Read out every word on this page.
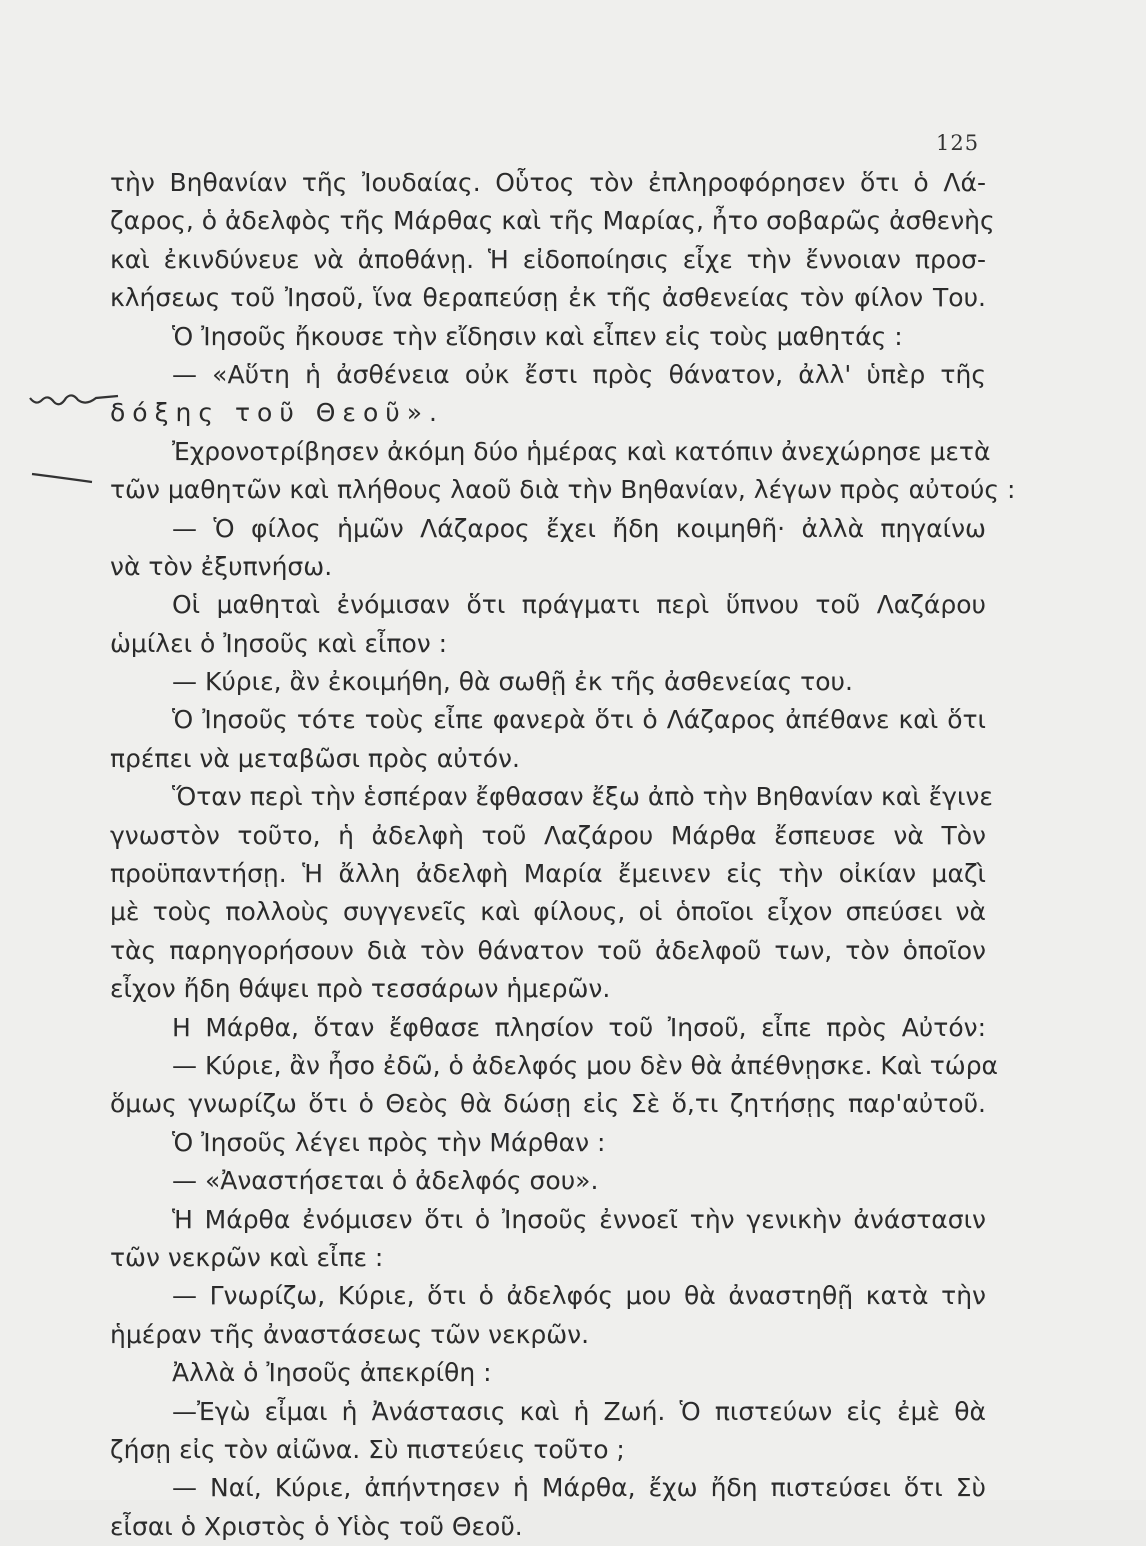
125
τὴν Βηθανίαν τῆς Ἰουδαίας. Οὗτος τὸν ἐπληροφόρησεν ὅτι ὁ Λά-
ζαρος, ὁ ἀδελφὸς τῆς Μάρθας καὶ τῆς Μαρίας, ἦτο σοβαρῶς ἀσθενὴς
καὶ ἐκινδύνευε νὰ ἀποθάνῃ. Ἡ εἰδοποίησις εἶχε τὴν ἔννοιαν προσ-
κλήσεως τοῦ Ἰησοῦ, ἵνα θεραπεύσῃ ἐκ τῆς ἀσθενείας τὸν φίλον Του.
Ὁ Ἰησοῦς ἤκουσε τὴν εἴδησιν καὶ εἶπεν εἰς τοὺς μαθητάς :
— «Αὕτη ἡ ἀσθένεια οὐκ ἔστι πρὸς θάνατον, ἀλλ' ὑπὲρ τῆς
δόξης τοῦ Θεοῦ».
Ἐχρονοτρίβησεν ἀκόμη δύο ἡμέρας καὶ κατόπιν ἀνεχώρησε μετὰ
τῶν μαθητῶν καὶ πλήθους λαοῦ διὰ τὴν Βηθανίαν, λέγων πρὸς αὐτούς :
— Ὁ φίλος ἡμῶν Λάζαρος ἔχει ἤδη κοιμηθῆ· ἀλλὰ πηγαίνω
νὰ τὸν ἐξυπνήσω.
Οἱ μαθηταὶ ἐνόμισαν ὅτι πράγματι περὶ ὕπνου τοῦ Λαζάρου
ὡμίλει ὁ Ἰησοῦς καὶ εἶπον :
— Κύριε, ἂν ἐκοιμήθη, θὰ σωθῇ ἐκ τῆς ἀσθενείας του.
Ὁ Ἰησοῦς τότε τοὺς εἶπε φανερὰ ὅτι ὁ Λάζαρος ἀπέθανε καὶ ὅτι
πρέπει νὰ μεταβῶσι πρὸς αὐτόν.
Ὅταν περὶ τὴν ἑσπέραν ἔφθασαν ἔξω ἀπὸ τὴν Βηθανίαν καὶ ἔγινε
γνωστὸν τοῦτο, ἡ ἀδελφὴ τοῦ Λαζάρου Μάρθα ἔσπευσε νὰ Τὸν
προϋπαντήσῃ. Ἡ ἄλλη ἀδελφὴ Μαρία ἔμεινεν εἰς τὴν οἰκίαν μαζὶ
μὲ τοὺς πολλοὺς συγγενεῖς καὶ φίλους, οἱ ὁποῖοι εἶχον σπεύσει νὰ
τὰς παρηγορήσουν διὰ τὸν θάνατον τοῦ ἀδελφοῦ των, τὸν ὁποῖον
εἶχον ἤδη θάψει πρὸ τεσσάρων ἡμερῶν.
Η Μάρθα, ὅταν ἔφθασε πλησίον τοῦ Ἰησοῦ, εἶπε πρὸς Αὐτόν:
— Κύριε, ἂν ἦσο ἐδῶ, ὁ ἀδελφός μου δὲν θὰ ἀπέθνῃσκε. Καὶ τώρα
ὅμως γνωρίζω ὅτι ὁ Θεὸς θὰ δώσῃ εἰς Σὲ ὅ,τι ζητήσῃς παρ'αὐτοῦ.
Ὁ Ἰησοῦς λέγει πρὸς τὴν Μάρθαν :
— «Ἀναστήσεται ὁ ἀδελφός σου».
Ἡ Μάρθα ἐνόμισεν ὅτι ὁ Ἰησοῦς ἐννοεῖ τὴν γενικὴν ἀνάστασιν
τῶν νεκρῶν καὶ εἶπε :
— Γνωρίζω, Κύριε, ὅτι ὁ ἀδελφός μου θὰ ἀναστηθῇ κατὰ τὴν
ἡμέραν τῆς ἀναστάσεως τῶν νεκρῶν.
Ἀλλὰ ὁ Ἰησοῦς ἀπεκρίθη :
—Ἐγὼ εἶμαι ἡ Ἀνάστασις καὶ ἡ Ζωή. Ὁ πιστεύων εἰς ἐμὲ θὰ
ζήσῃ εἰς τὸν αἰῶνα. Σὺ πιστεύεις τοῦτο ;
— Ναί, Κύριε, ἀπήντησεν ἡ Μάρθα, ἔχω ἤδη πιστεύσει ὅτι Σὺ
εἶσαι ὁ Χριστὸς ὁ Υἱὸς τοῦ Θεοῦ.
